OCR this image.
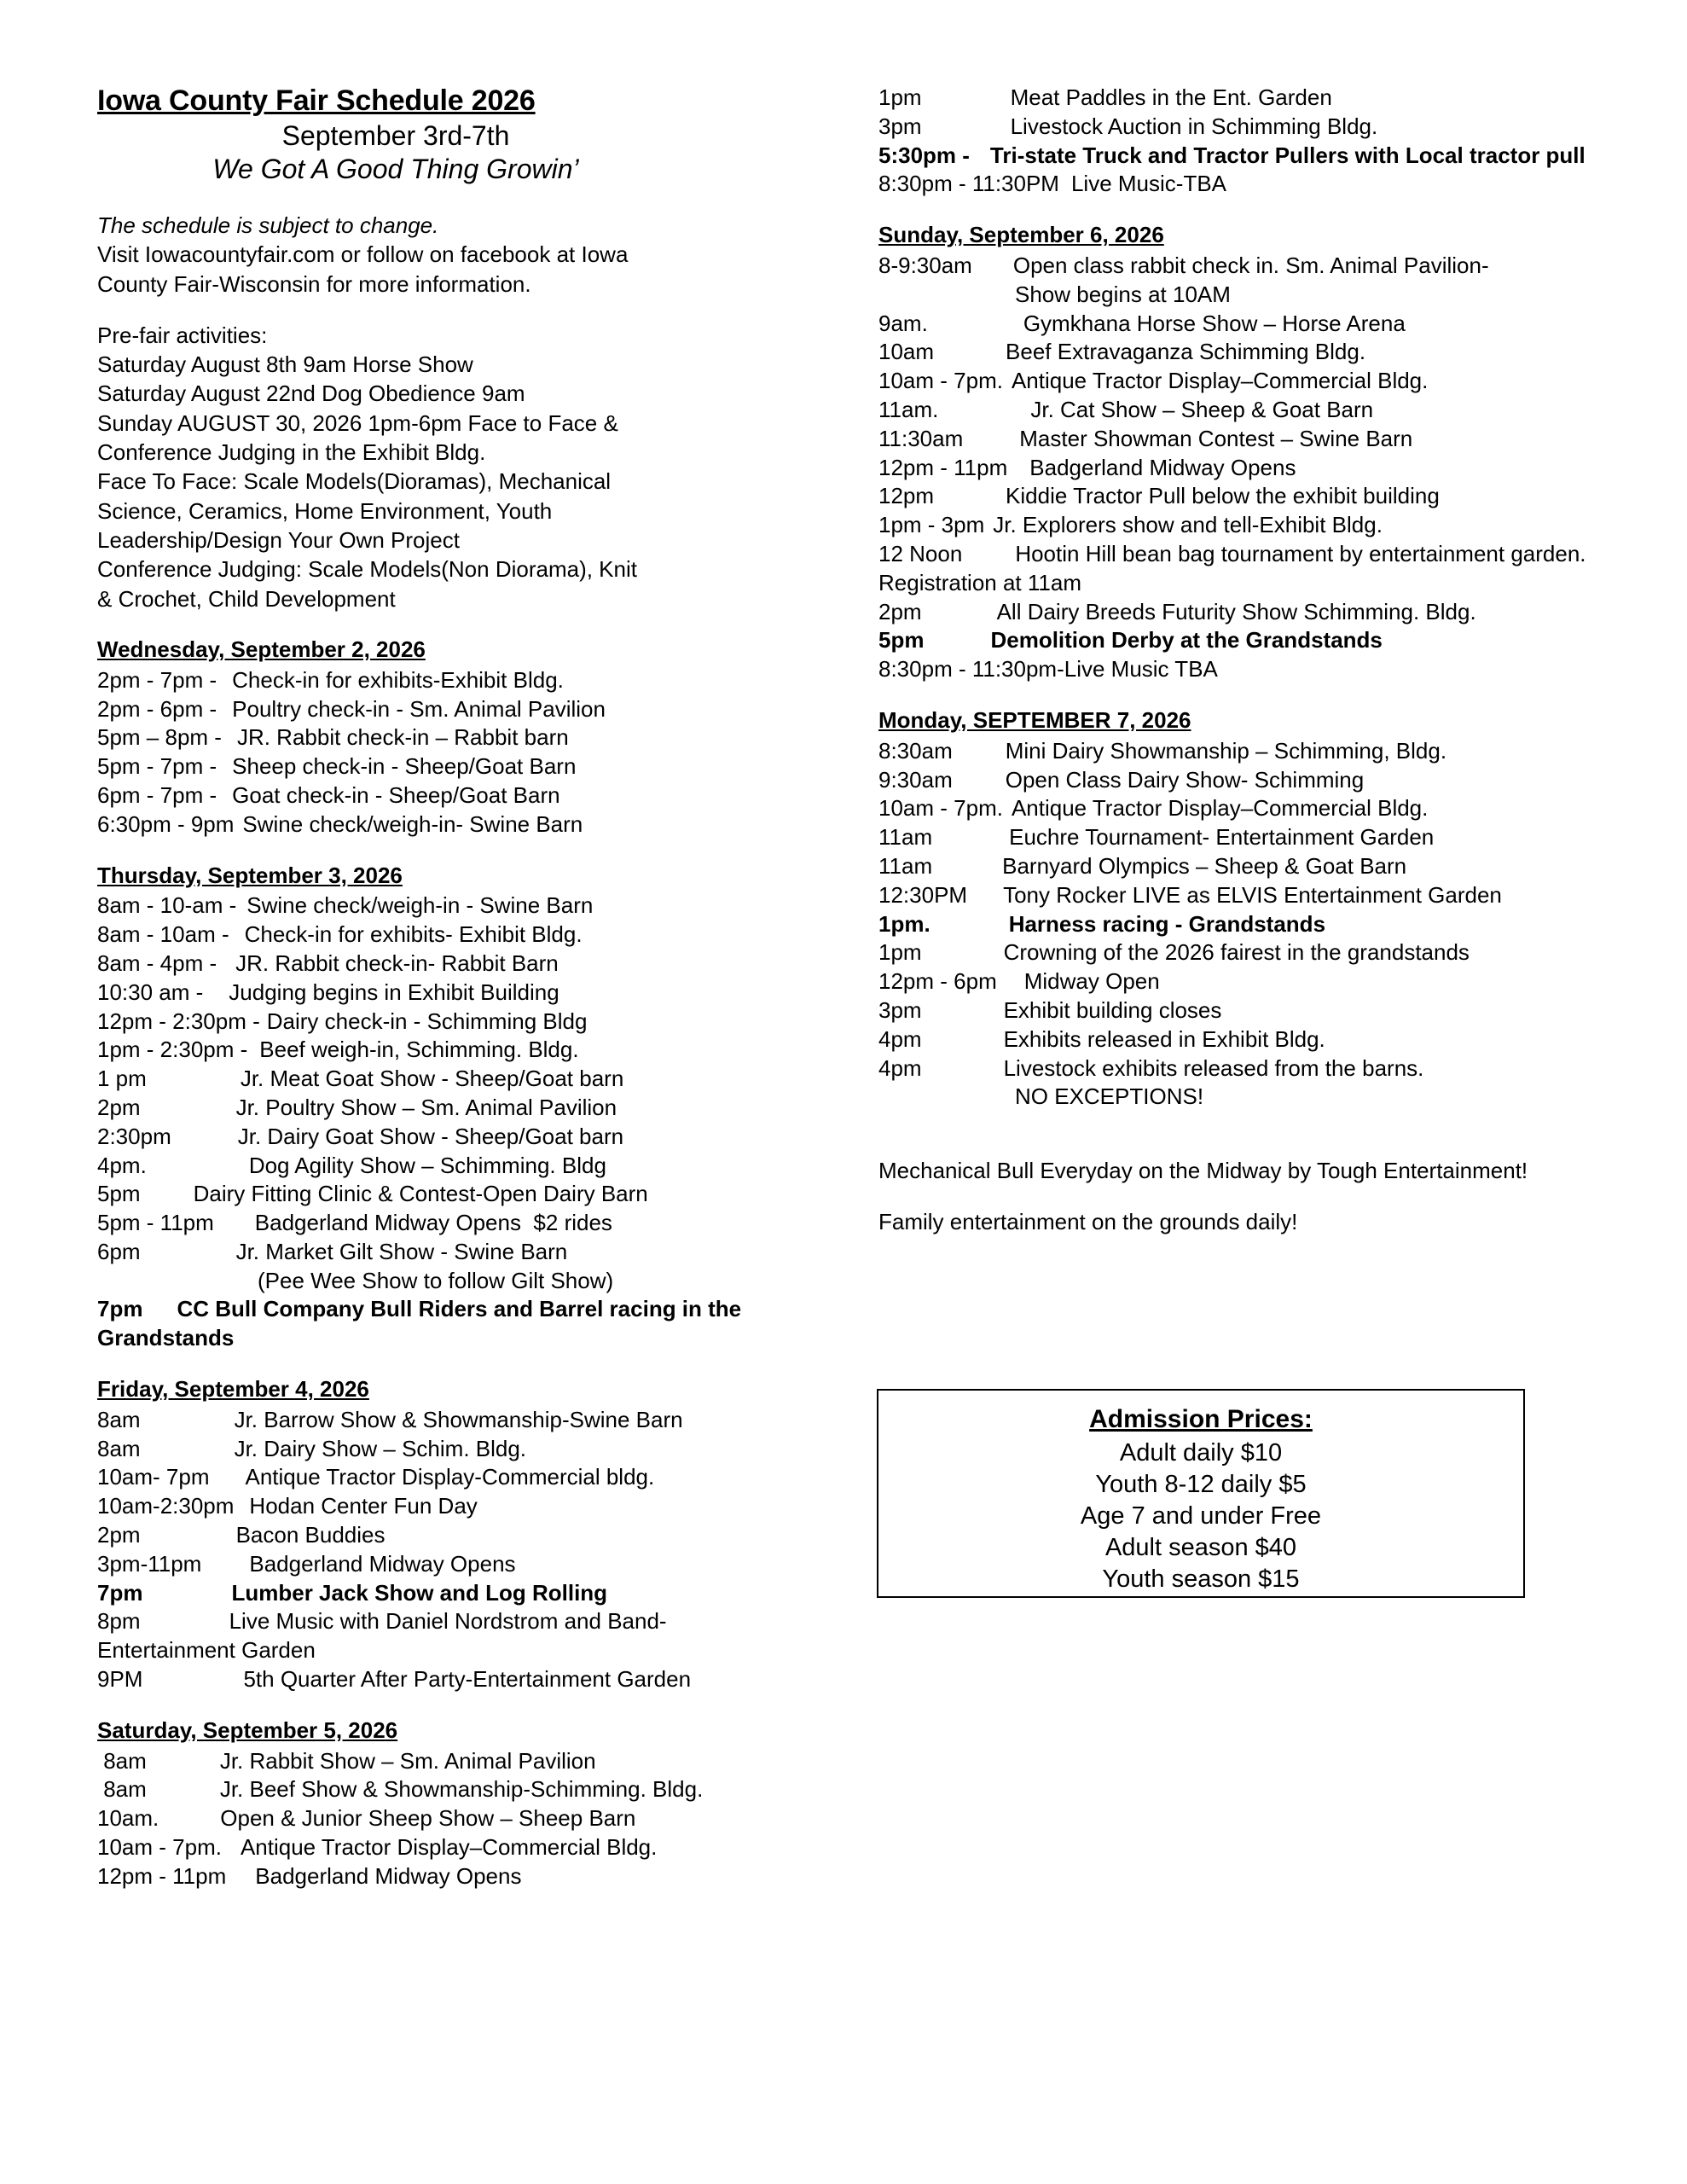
Iowa County Fair Schedule 2026
September 3rd-7th
We Got A Good Thing Growin’
The schedule is subject to change.
Visit Iowacountyfair.com or follow on facebook at Iowa
County Fair-Wisconsin for more information.
Pre-fair activities:
Saturday August 8th 9am Horse Show
Saturday August 22nd Dog Obedience 9am
Sunday AUGUST 30, 2026 1pm-6pm Face to Face &
Conference Judging in the Exhibit Bldg.
Face To Face: Scale Models(Dioramas), Mechanical
Science, Ceramics, Home Environment, Youth
Leadership/Design Your Own Project
Conference Judging: Scale Models(Non Diorama), Knit
& Crochet, Child Development
Wednesday, September 2, 2026
2pm - 7pm - Check-in for exhibits-Exhibit Bldg.
2pm - 6pm - Poultry check-in - Sm. Animal Pavilion
5pm – 8pm - JR. Rabbit check-in – Rabbit barn
5pm - 7pm - Sheep check-in - Sheep/Goat Barn
6pm - 7pm - Goat check-in - Sheep/Goat Barn
6:30pm - 9pm Swine check/weigh-in- Swine Barn
Thursday, September 3, 2026
8am - 10-am - Swine check/weigh-in - Swine Barn
8am - 10am - Check-in for exhibits- Exhibit Bldg.
8am - 4pm - JR. Rabbit check-in- Rabbit Barn
10:30 am - Judging begins in Exhibit Building
12pm - 2:30pm - Dairy check-in - Schimming Bldg
1pm - 2:30pm - Beef weigh-in, Schimming. Bldg.
1 pm	Jr. Meat Goat Show - Sheep/Goat barn
2pm	Jr. Poultry Show – Sm. Animal Pavilion
2:30pm	Jr. Dairy Goat Show - Sheep/Goat barn
4pm.	Dog Agility Show – Schimming. Bldg
5pm Dairy Fitting Clinic & Contest-Open Dairy Barn
5pm - 11pm Badgerland Midway Opens  $2 rides
6pm	Jr. Market Gilt Show - Swine Barn
(Pee Wee Show to follow Gilt Show)
7pm CC Bull Company Bull Riders and Barrel racing in the Grandstands
Friday, September 4, 2026
8am	Jr. Barrow Show & Showmanship-Swine Barn
8am	Jr. Dairy Show – Schim. Bldg.
10am- 7pm Antique Tractor Display-Commercial bldg.
10am-2:30pm Hodan Center Fun Day
2pm	Bacon Buddies
3pm-11pm Badgerland Midway Opens
7pm	Lumber Jack Show and Log Rolling
8pm	Live Music with Daniel Nordstrom and Band-Entertainment Garden
9PM	5th Quarter After Party-Entertainment Garden
Saturday, September 5, 2026
8am	Jr. Rabbit Show – Sm. Animal Pavilion
8am	Jr. Beef Show & Showmanship-Schimming. Bldg.
10am.	Open & Junior Sheep Show – Sheep Barn
10am - 7pm. Antique Tractor Display–Commercial Bldg.
12pm - 11pm Badgerland Midway Opens
1pm	Meat Paddles in the Ent. Garden
3pm	Livestock Auction in Schimming Bldg.
5:30pm - Tri-state Truck and Tractor Pullers with Local tractor pull
8:30pm - 11:30PM Live Music-TBA
Sunday, September 6, 2026
8-9:30am Open class rabbit check in. Sm. Animal Pavilion-
Show begins at 10AM
9am.	Gymkhana Horse Show – Horse Arena
10am	Beef Extravaganza Schimming Bldg.
10am - 7pm. Antique Tractor Display–Commercial Bldg.
11am.	Jr. Cat Show – Sheep & Goat Barn
11:30am	Master Showman Contest – Swine Barn
12pm - 11pm Badgerland Midway Opens
12pm	Kiddie Tractor Pull below the exhibit building
1pm - 3pm Jr. Explorers show and tell-Exhibit Bldg.
12 Noon Hootin Hill bean bag tournament by entertainment garden. Registration at 11am
2pm	All Dairy Breeds Futurity Show Schimming. Bldg.
5pm	Demolition Derby at the Grandstands
8:30pm - 11:30pm-Live Music TBA
Monday, SEPTEMBER 7, 2026
8:30am Mini Dairy Showmanship – Schimming, Bldg.
9:30am Open Class Dairy Show- Schimming
10am - 7pm. Antique Tractor Display–Commercial Bldg.
11am	Euchre Tournament- Entertainment Garden
11am	Barnyard Olympics – Sheep & Goat Barn
12:30PM Tony Rocker LIVE as ELVIS Entertainment Garden
1pm.	Harness racing - Grandstands
1pm	Crowning of the 2026 fairest in the grandstands
12pm - 6pm Midway Open
3pm	Exhibit building closes
4pm	Exhibits released in Exhibit Bldg.
4pm	Livestock exhibits released from the barns.
NO EXCEPTIONS!
Mechanical Bull Everyday on the Midway by Tough Entertainment!
Family entertainment on the grounds daily!
Admission Prices:
Adult daily $10
Youth 8-12 daily $5
Age 7 and under Free
Adult season $40
Youth season $15
